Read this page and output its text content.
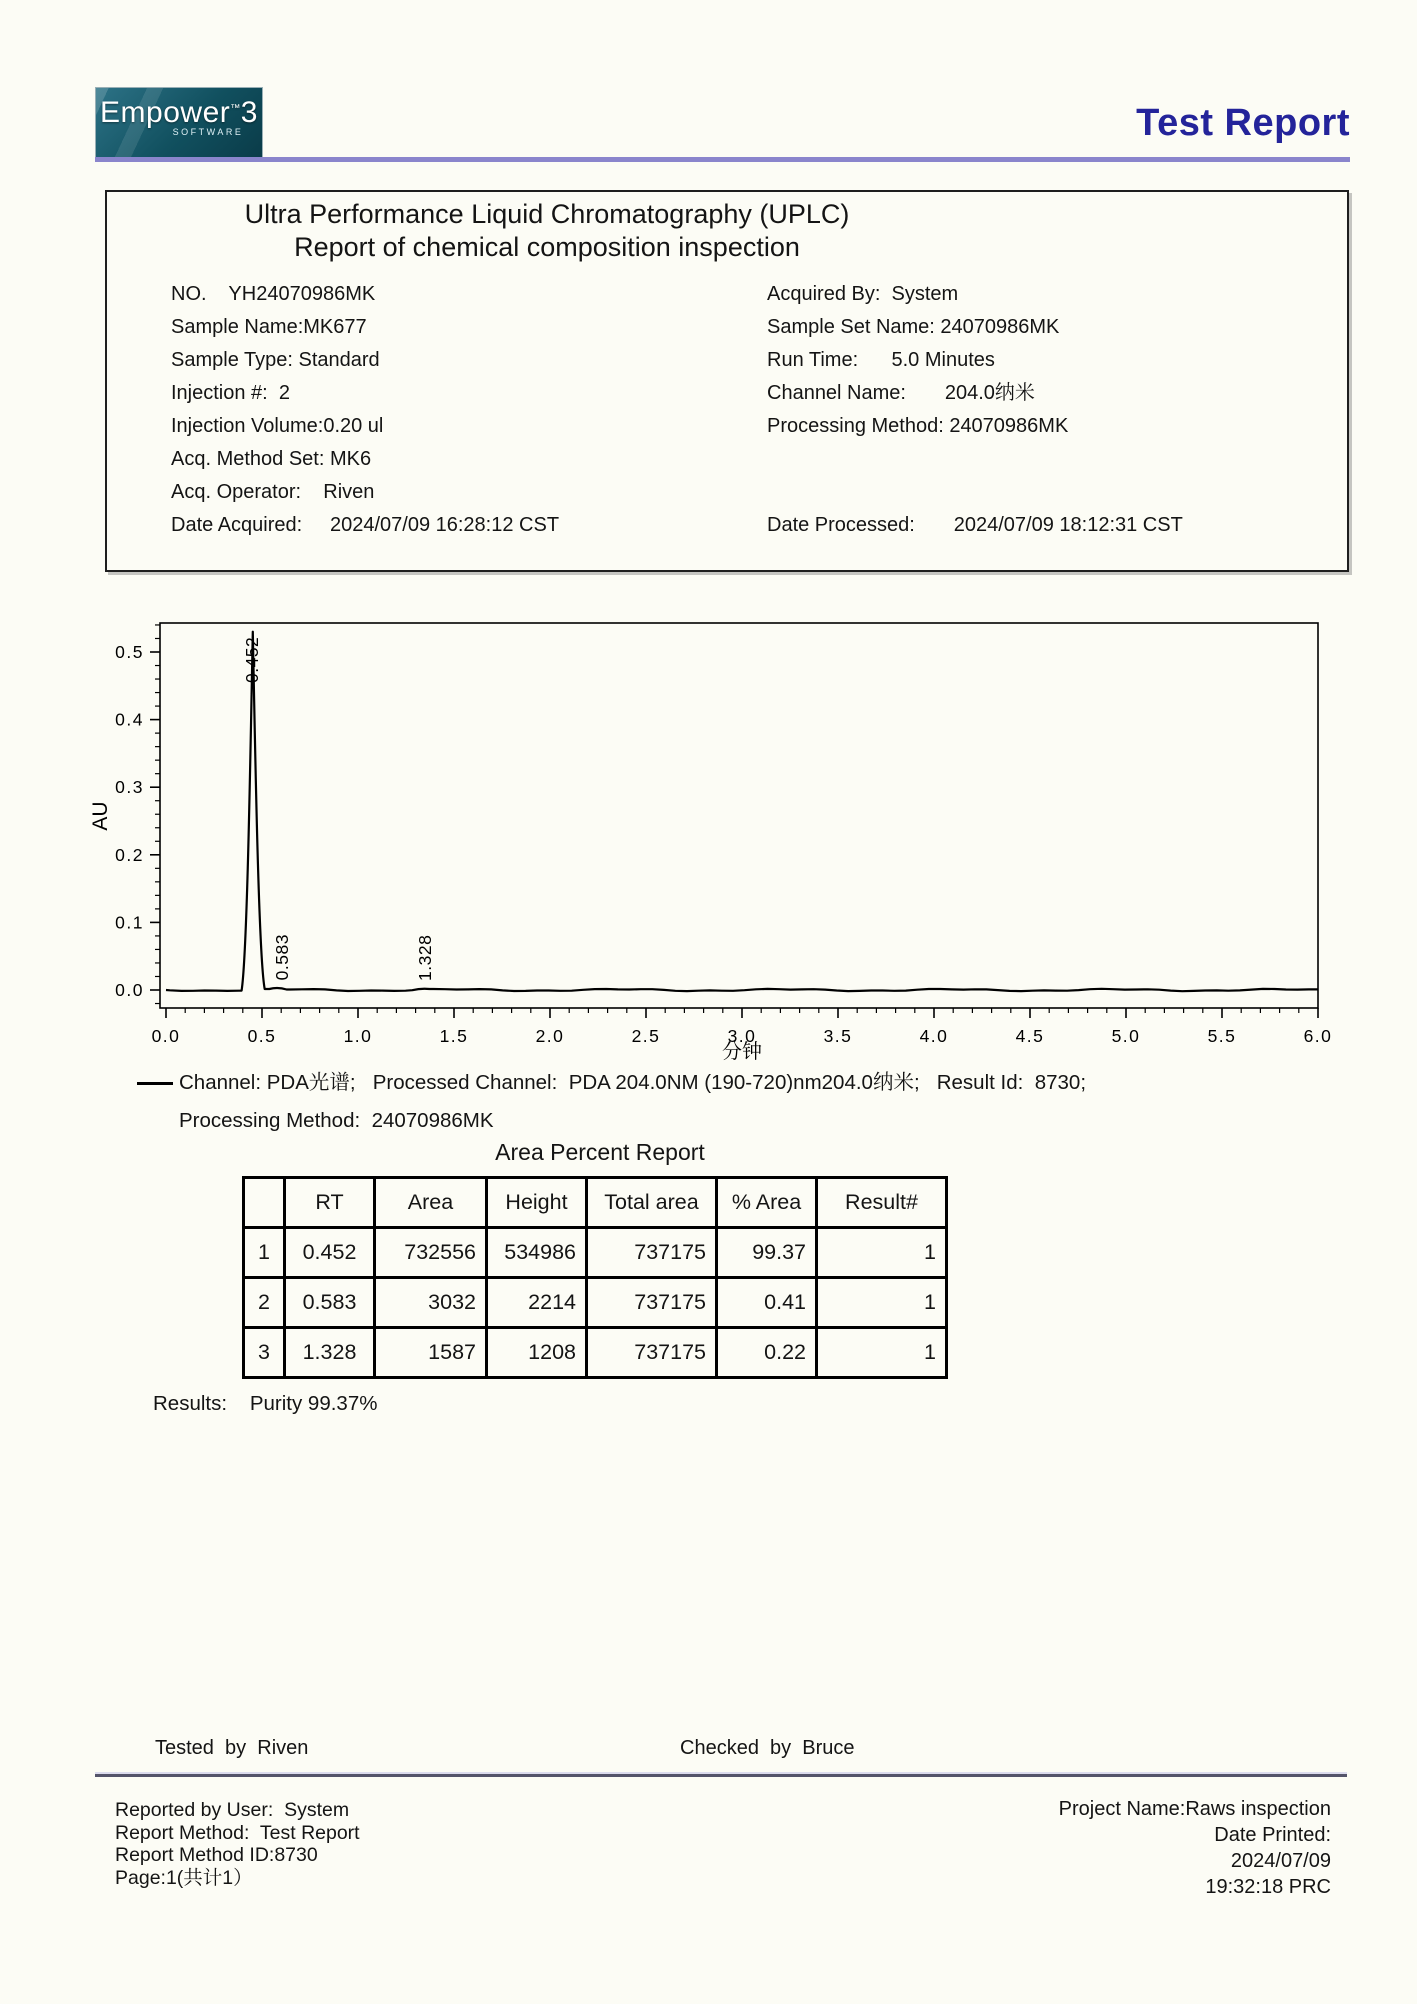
Empower™3
SOFTWARE	Test Report
Ultra Performance Liquid Chromatography (UPLC)
Report of chemical composition inspection
NO.    YH24070986MK
Sample Name:MK677
Sample Type: Standard
Injection #:  2
Injection Volume:0.20 ul
Acq. Method Set: MK6
Acq. Operator:    Riven
Date Acquired:     2024/07/09 16:28:12 CST
Acquired By:  System
Sample Set Name: 24070986MK
Run Time:      5.0 Minutes
Channel Name:       204.0纳米
Processing Method: 24070986MK
Date Processed:       2024/07/09 18:12:31 CST
0.0
0.1
0.2
0.3
0.4
0.5
0.0	0.5	1.0	1.5	2.0	2.5	3.0	3.5	4.0	4.5	5.0	5.5	6.0
AU
分钟
0.452
0.583	1.328
Channel: PDA光谱;   Processed Channel:  PDA 204.0NM (190-720)nm204.0纳米;   Result Id:  8730;
Processing Method:  24070986MK
Area Percent Report
	RT	Area	Height	Total area	% Area	Result#
1	0.452	732556	534986	737175	99.37	1
2	0.583	3032	2214	737175	0.41	1
3	1.328	1587	1208	737175	0.22	1
Results:    Purity 99.37%
Tested  by  Riven	Checked  by  Bruce
Reported by User:  System
Report Method:  Test Report
Report Method ID:8730
Page:1(共计1）
Project Name:Raws inspection
Date Printed:
2024/07/09
19:32:18 PRC
